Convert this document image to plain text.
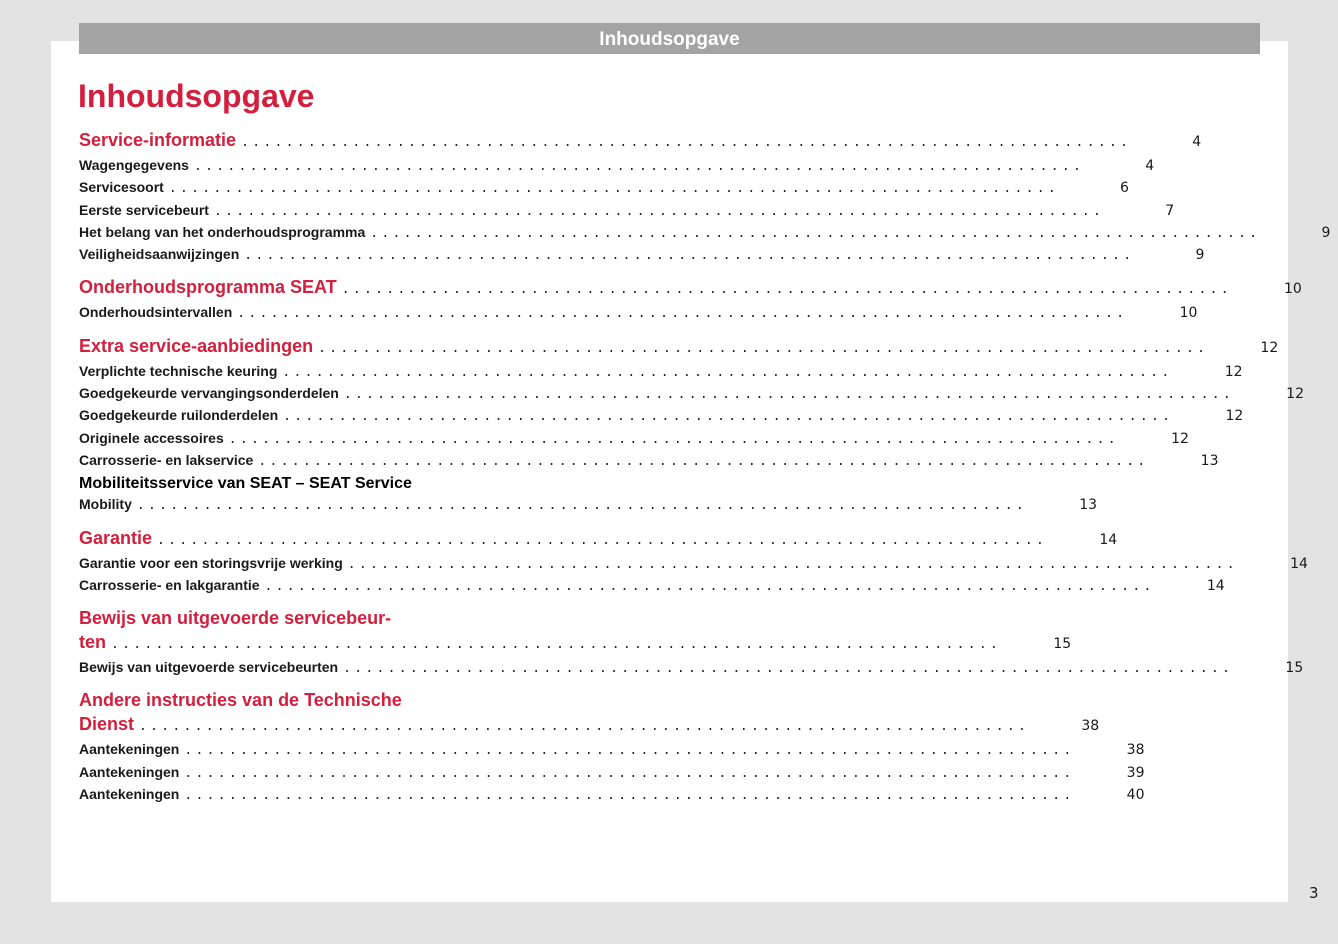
Inhoudsopgave
Inhoudsopgave
Service-informatie ................................................................................	4
Wagengegevens ................................................................................	4
Servicesoort ................................................................................	6
Eerste servicebeurt ................................................................................	7
Het belang van het onderhoudsprogramma ................................................................................	9
Veiligheidsaanwijzingen ................................................................................	9
Onderhoudsprogramma SEAT ................................................................................	10
Onderhoudsintervallen ................................................................................	10
Extra service-aanbiedingen ................................................................................	12
Verplichte technische keuring ................................................................................	12
Goedgekeurde vervangingsonderdelen ................................................................................	12
Goedgekeurde ruilonderdelen ................................................................................	12
Originele accessoires ................................................................................	12
Carrosserie- en lakservice ................................................................................	13
Mobiliteitsservice van SEAT – SEAT Service
Mobility ................................................................................	13
Garantie ................................................................................	14
Garantie voor een storingsvrije werking ................................................................................	14
Carrosserie- en lakgarantie ................................................................................	14
Bewijs van uitgevoerde servicebeur-
ten ................................................................................	15
Bewijs van uitgevoerde servicebeurten ................................................................................	15
Andere instructies van de Technische
Dienst ................................................................................	38
Aantekeningen ................................................................................	38
Aantekeningen ................................................................................	39
Aantekeningen ................................................................................	40
3
